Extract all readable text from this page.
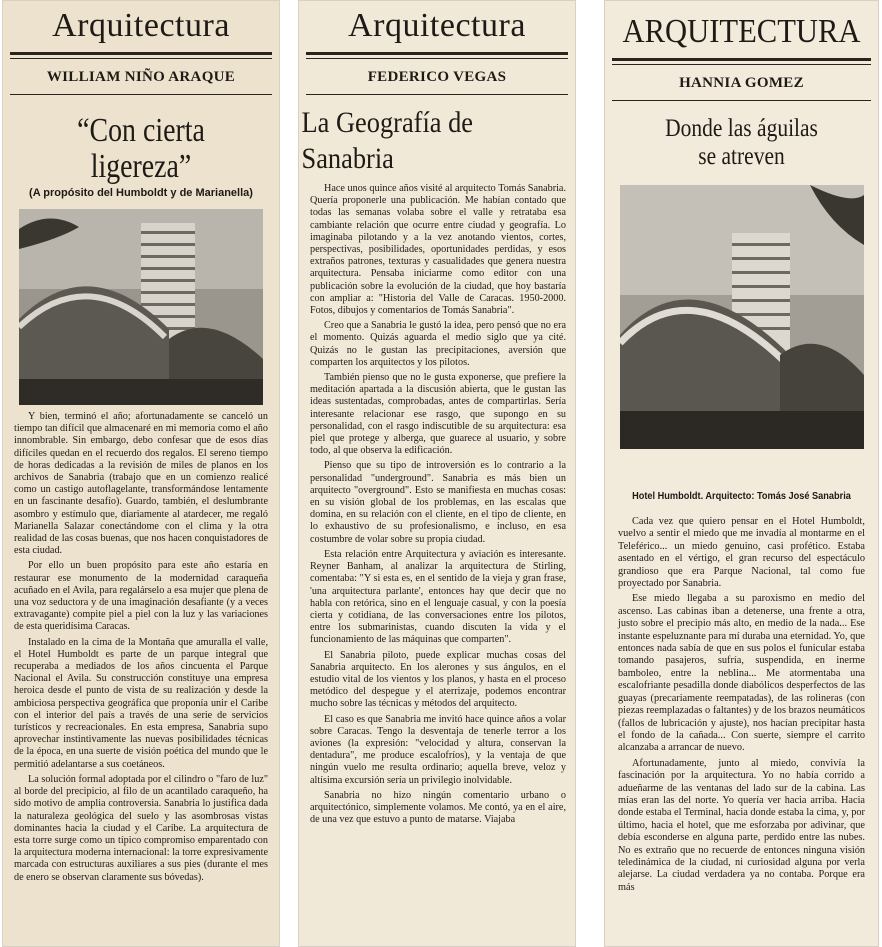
Arquitectura
WILLIAM NIÑO ARAQUE
“Con cierta ligereza”
(A propósito del Humboldt y de Marianella)

Y bien, terminó el año; afortunadamente se canceló un tiempo tan difícil que almacenaré en mi memoria como el año innombrable. Sin embargo, debo confesar que de esos días difíciles quedan en el recuerdo dos regalos. El sereno tiempo de horas dedicadas a la revisión de miles de planos en los archivos de Sanabria (trabajo que en un comienzo realicé como un castigo autoflagelante, transformándose lentamente en un fascinante desafío). Guardo, también, el deslumbrante asombro y estímulo que, diariamente al atardecer, me regaló Marianella Salazar conectándome con el clima y la otra realidad de las cosas buenas, que nos hacen conquistadores de esta ciudad.

Por ello un buen propósito para este año estaría en restaurar ese monumento de la modernidad caraqueña acuñado en el Avila, para regalárselo a esa mujer que plena de una voz seductora y de una imaginación desafiante (y a veces extravagante) compite piel a piel con la luz y las variaciones de esta queridísima Caracas.

Instalado en la cima de la Montaña que amuralla el valle, el Hotel Humboldt es parte de un parque integral que recuperaba a mediados de los años cincuenta el Parque Nacional el Avila. Su construcción constituye una empresa heroica desde el punto de vista de su realización y desde la ambiciosa perspectiva geográfica que proponía unir el Caribe con el interior del país a través de una serie de servicios turísticos y recreacionales. En esta empresa, Sanabria supo aprovechar instintivamente las nuevas posibilidades técnicas de la época, en una suerte de visión poética del mundo que le permitió adelantarse a sus coetáneos.

La solución formal adoptada por el cilindro o "faro de luz" al borde del precipicio, al filo de un acantilado caraqueño, ha sido motivo de amplia controversia. Sanabria lo justifica dada la naturaleza geológica del suelo y las asombrosas vistas dominantes hacia la ciudad y el Caribe. La arquitectura de esta torre surge como un típico compromiso emparentado con la arquitectura moderna internacional: la torre expresivamente marcada con estructuras auxiliares a sus pies (durante el mes de enero se observan claramente sus bóvedas).

Arquitectura
FEDERICO VEGAS
La Geografía de Sanabria

Hace unos quince años visité al arquitecto Tomás Sanabria. Quería proponerle una publicación. Me habían contado que todas las semanas volaba sobre el valle y retrataba esa cambiante relación que ocurre entre ciudad y geografía. Lo imaginaba pilotando y a la vez anotando vientos, cortes, perspectivas, posibilidades, oportunidades perdidas, y esos extraños patrones, texturas y casualidades que genera nuestra arquitectura. Pensaba iniciarme como editor con una publicación sobre la evolución de la ciudad, que hoy bastaría con ampliar a: "Historia del Valle de Caracas. 1950-2000. Fotos, dibujos y comentarios de Tomás Sanabria".

Creo que a Sanabria le gustó la idea, pero pensó que no era el momento. Quizás aguarda el medio siglo que ya cité. Quizás no le gustan las precipitaciones, aversión que comparten los arquitectos y los pilotos.

También pienso que no le gusta exponerse, que prefiere la meditación apartada a la discusión abierta, que le gustan las ideas sustentadas, comprobadas, antes de compartirlas. Sería interesante relacionar ese rasgo, que supongo en su personalidad, con el rasgo indiscutible de su arquitectura: esa piel que protege y alberga, que guarece al usuario, y sobre todo, al que observa la edificación.

Pienso que su tipo de introversión es lo contrario a la personalidad "underground". Sanabria es más bien un arquitecto "overground". Esto se manifiesta en muchas cosas: en su visión global de los problemas, en las escalas que domina, en su relación con el cliente, en el tipo de cliente, en lo exhaustivo de su profesionalismo, e incluso, en esa costumbre de volar sobre su propia ciudad.

Esta relación entre Arquitectura y aviación es interesante. Reyner Banham, al analizar la arquitectura de Stirling, comentaba: "Y si esta es, en el sentido de la vieja y gran frase, 'una arquitectura parlante', entonces hay que decir que no habla con retórica, sino en el lenguaje casual, y con la poesía cierta y cotidiana, de las conversaciones entre los pilotos, entre los submarinistas, cuando discuten la vida y el funcionamiento de las máquinas que comparten".

El Sanabria piloto, puede explicar muchas cosas del Sanabria arquitecto. En los alerones y sus ángulos, en el estudio vital de los vientos y los planos, y hasta en el proceso metódico del despegue y el aterrizaje, podemos encontrar mucho sobre las técnicas y métodos del arquitecto.

El caso es que Sanabria me invitó hace quince años a volar sobre Caracas. Tengo la desventaja de tenerle terror a los aviones (la expresión: "velocidad y altura, conservan la dentadura", me produce escalofríos), y la ventaja de que ningún vuelo me resulta ordinario; aquella breve, veloz y altísima excursión sería un privilegio inolvidable.

Sanabria no hizo ningún comentario urbano o arquitectónico, simplemente volamos. Me contó, ya en el aire, de una vez que estuvo a punto de matarse. Viajaba

ARQUITECTURA
HANNIA GOMEZ
Donde las águilas
se atreven
Hotel Humboldt. Arquitecto: Tomás José Sanabria

Cada vez que quiero pensar en el Hotel Humboldt, vuelvo a sentir el miedo que me invadía al montarme en el Teleférico... un miedo genuino, casi profético. Estaba asentado en el vértigo, el gran recurso del espectáculo grandioso que era Parque Nacional, tal como fue proyectado por Sanabria.

Ese miedo llegaba a su paroxismo en medio del ascenso. Las cabinas iban a detenerse, una frente a otra, justo sobre el precipio más alto, en medio de la nada... Ese instante espeluznante para mí duraba una eternidad. Yo, que entonces nada sabía de que en sus polos el funicular estaba tomando pasajeros, sufría, suspendida, en inerme bamboleo, entre la neblina... Me atormentaba una escalofriante pesadilla donde diabólicos desperfectos de las guayas (precariamente reempatadas), de las rolineras (con piezas reemplazadas o faltantes) y de los brazos neumáticos (fallos de lubricación y ajuste), nos hacían precipitar hasta el fondo de la cañada... Con suerte, siempre el carrito alcanzaba a arrancar de nuevo.

Afortunadamente, junto al miedo, convivía la fascinación por la arquitectura. Yo no había corrido a adueñarme de las ventanas del lado sur de la cabina. Las mías eran las del norte. Yo quería ver hacia arriba. Hacia donde estaba el Terminal, hacia donde estaba la cima, y, por último, hacia el hotel, que me esforzaba por adivinar, que debía esconderse en alguna parte, perdido entre las nubes. No es extraño que no recuerde de entonces ninguna visión teledinámica de la ciudad, ni curiosidad alguna por verla alejarse. La ciudad verdadera ya no contaba. Porque era más
